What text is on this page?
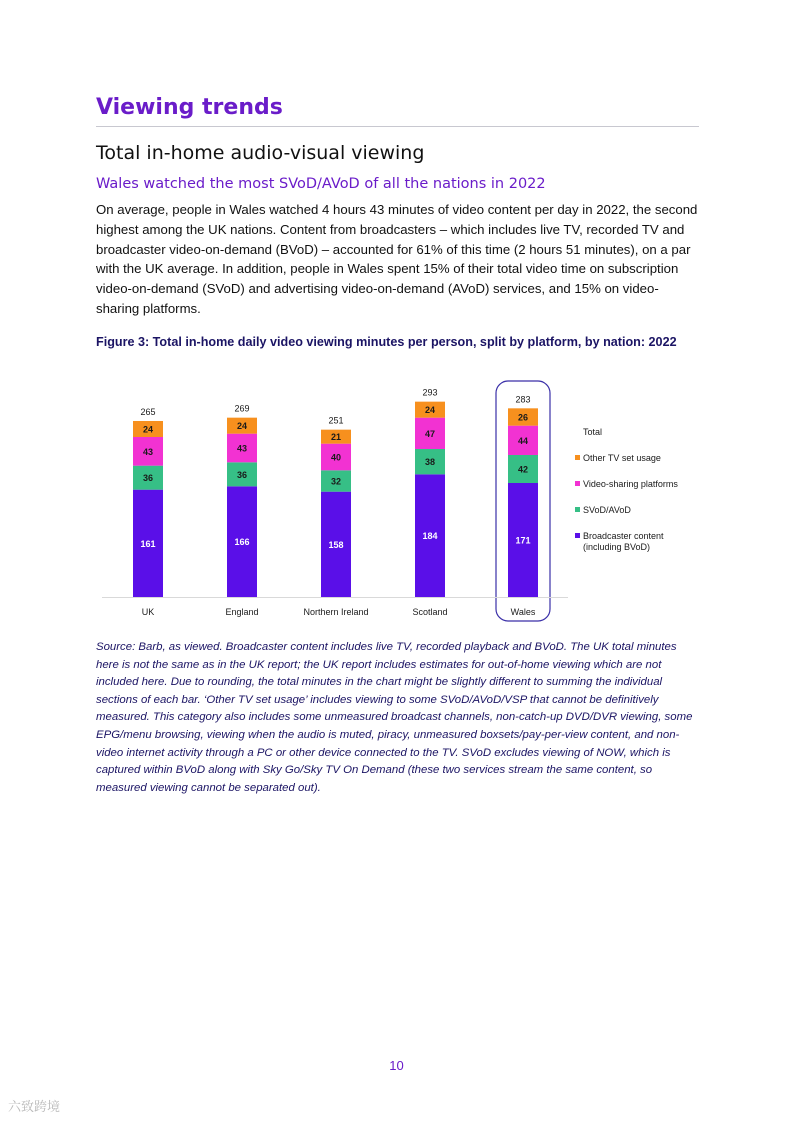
Viewing trends
Total in-home audio-visual viewing
Wales watched the most SVoD/AVoD of all the nations in 2022

On average, people in Wales watched 4 hours 43 minutes of video content per day in 2022, the second highest among the UK nations. Content from broadcasters – which includes live TV, recorded TV and broadcaster video-on-demand (BVoD) – accounted for 61% of this time (2 hours 51 minutes), on a par with the UK average. In addition, people in Wales spent 15% of their total video time on subscription video-on-demand (SVoD) and advertising video-on-demand (AVoD) services, and 15% on video-sharing platforms.

Figure 3: Total in-home daily video viewing minutes per person, split by platform, by nation: 2022

161
36
43
24
265
UK
166
36
43
24
269
England
158
32
40
21
251
Northern Ireland
184
38
47
24
293
Scotland
171
42
44
26
283
Wales
Total
Other TV set usage
Video-sharing platforms
SVoD/AVoD
Broadcaster content
(including BVoD)

Source: Barb, as viewed. Broadcaster content includes live TV, recorded playback and BVoD. The UK total minutes here is not the same as in the UK report; the UK report includes estimates for out-of-home viewing which are not included here. Due to rounding, the total minutes in the chart might be slightly different to summing the individual sections of each bar. ‘Other TV set usage’ includes viewing to some SVoD/AVoD/VSP that cannot be definitively measured. This category also includes some unmeasured broadcast channels, non-catch-up DVD/DVR viewing, some EPG/menu browsing, viewing when the audio is muted, piracy, unmeasured boxsets/pay-per-view content, and non-video internet activity through a PC or other device connected to the TV. SVoD excludes viewing of NOW, which is captured within BVoD along with Sky Go/Sky TV On Demand (these two services stream the same content, so measured viewing cannot be separated out).

10
六致跨境
